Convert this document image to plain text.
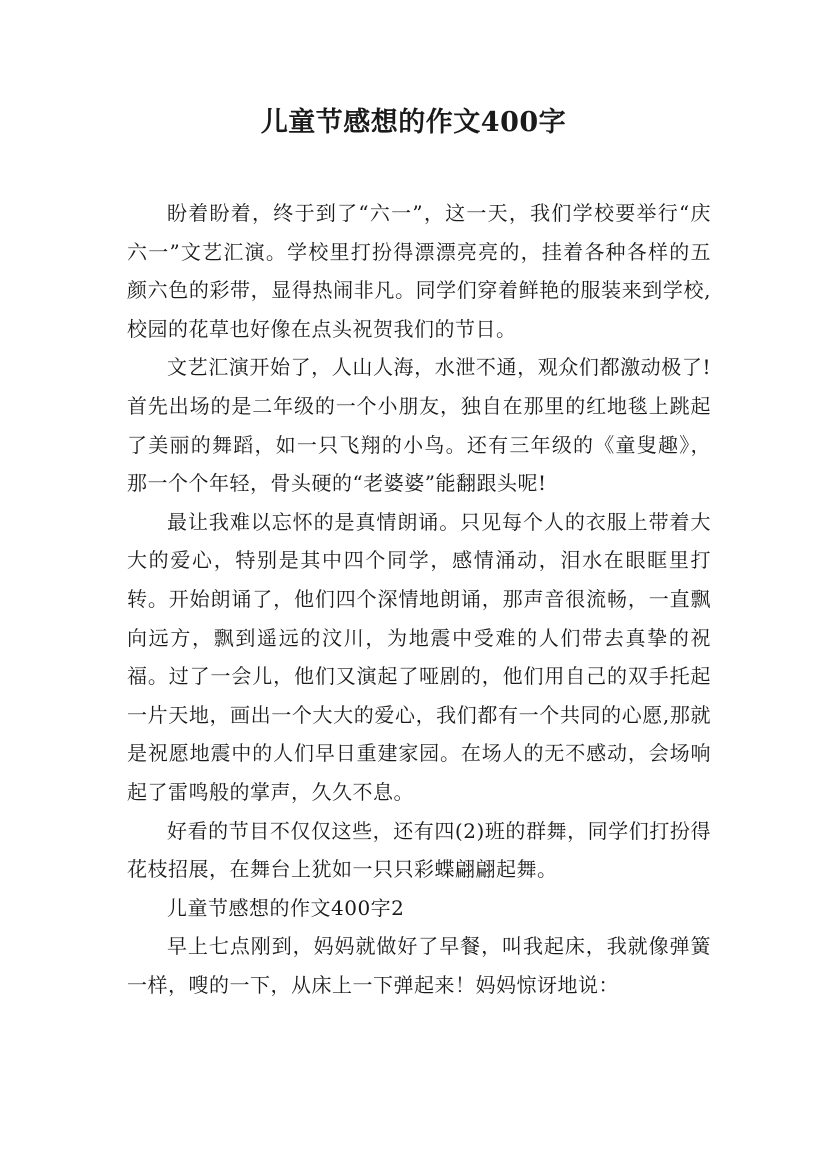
儿童节感想的作文400字

盼着盼着，终于到了“六一”，这一天，我们学校要举行“庆六一”文艺汇演。学校里打扮得漂漂亮亮的，挂着各种各样的五颜六色的彩带，显得热闹非凡。同学们穿着鲜艳的服装来到学校,校园的花草也好像在点头祝贺我们的节日。

文艺汇演开始了，人山人海，水泄不通，观众们都激动极了!首先出场的是二年级的一个小朋友，独自在那里的红地毯上跳起了美丽的舞蹈，如一只飞翔的小鸟。还有三年级的《童叟趣》，那一个个年轻，骨头硬的“老婆婆”能翻跟头呢!

最让我难以忘怀的是真情朗诵。只见每个人的衣服上带着大大的爱心，特别是其中四个同学，感情涌动，泪水在眼眶里打转。开始朗诵了，他们四个深情地朗诵，那声音很流畅，一直飘向远方，飘到遥远的汶川，为地震中受难的人们带去真挚的祝福。过了一会儿，他们又演起了哑剧的，他们用自己的双手托起一片天地，画出一个大大的爱心，我们都有一个共同的心愿,那就是祝愿地震中的人们早日重建家园。在场人的无不感动，会场响起了雷鸣般的掌声，久久不息。

好看的节目不仅仅这些，还有四(2)班的群舞，同学们打扮得花枝招展，在舞台上犹如一只只彩蝶翩翩起舞。

儿童节感想的作文400字2

早上七点刚到，妈妈就做好了早餐，叫我起床，我就像弹簧一样，嗖的一下，从床上一下弹起来！妈妈惊讶地说：
